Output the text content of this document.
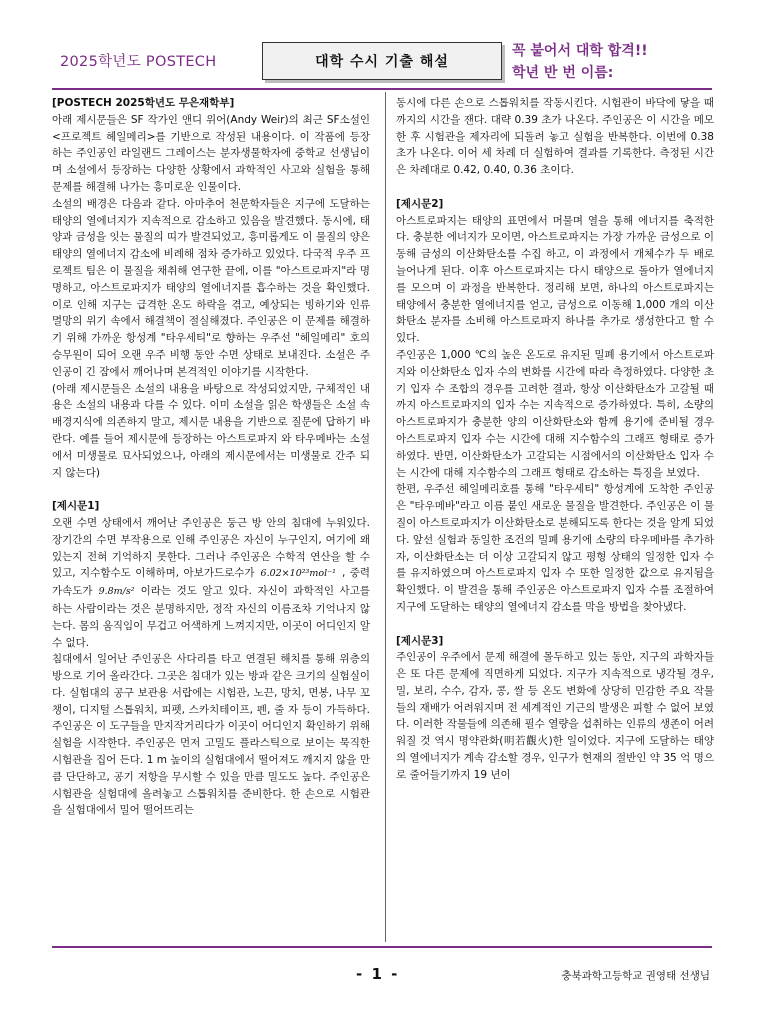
2025학년도 POSTECH	대학 수시 기출 해설
꼭 붙어서 대학 합격!!
학년 반 번 이름:

[POSTECH 2025학년도 무은재학부]

아래 제시문들은 SF 작가인 앤디 위어(Andy Weir)의 최근 SF소설인 <프로젝트 헤일메리>를 기반으로 작성된 내용이다. 이 작품에 등장하는 주인공인 라일랜드 그레이스는 분자생물학자에 중학교 선생님이며 소설에서 등장하는 다양한 상황에서 과학적인 사고와 실험을 통해 문제를 해결해 나가는 흥미로운 인물이다.

소설의 배경은 다음과 같다. 아마추어 천문학자들은 지구에 도달하는 태양의 열에너지가 지속적으로 감소하고 있음을 발견했다. 동시에, 태양과 금성을 잇는 물질의 띠가 발견되었고, 흥미롭게도 이 물질의 양은 태양의 열에너지 감소에 비례해 점차 증가하고 있었다. 다국적 우주 프로젝트 팀은 이 물질을 채취해 연구한 끝에, 이를 "아스트로파지"라 명명하고, 아스트로파지가 태양의 열에너지를 흡수하는 것을 확인했다. 이로 인해 지구는 급격한 온도 하락을 겪고, 예상되는 빙하기와 인류 멸망의 위기 속에서 해결책이 절실해졌다. 주인공은 이 문제를 해결하기 위해 가까운 항성계 "타우세티"로 향하는 우주선 "헤일메리" 호의 승무원이 되어 오랜 우주 비행 동안 수면 상태로 보내진다. 소설은 주인공이 긴 잠에서 깨어나며 본격적인 이야기를 시작한다.

(아래 제시문들은 소설의 내용을 바탕으로 작성되었지만, 구체적인 내용은 소설의 내용과 다를 수 있다. 이미 소설을 읽은 학생들은 소설 속 배경지식에 의존하지 말고, 제시문 내용을 기반으로 질문에 답하기 바란다. 예를 들어 제시문에 등장하는 아스트로파지 와 타우메바는 소설에서 미생물로 묘사되었으나, 아래의 제시문에서는 미생물로 간주 되지 않는다)

[제시문1]

오랜 수면 상태에서 깨어난 주인공은 둥근 방 안의 침대에 누워있다. 장기간의 수면 부작용으로 인해 주인공은 자신이 누구인지, 여기에 왜 있는지 전혀 기억하지 못한다. 그러나 주인공은 수학적 연산을 할 수 있고, 지수함수도 이해하며, 아보가드로수가 6.02×10²³mol⁻¹ , 중력가속도가 9.8m/s² 이라는 것도 알고 있다. 자신이 과학적인 사고를 하는 사람이라는 것은 분명하지만, 정작 자신의 이름조차 기억나지 않는다. 몸의 움직임이 무겁고 어색하게 느껴지지만, 이곳이 어디인지 알 수 없다.

침대에서 일어난 주인공은 사다리를 타고 연결된 해치를 통해 위층의 방으로 기어 올라간다. 그곳은 침대가 있는 방과 같은 크기의 실험실이다. 실험대의 공구 보관용 서랍에는 시험관, 노끈, 망치, 면봉, 나무 꼬챙이, 디지털 스톱워치, 피펫, 스카치테이프, 펜, 줄 자 등이 가득하다. 주인공은 이 도구들을 만지작거리다가 이곳이 어디인지 확인하기 위해 실험을 시작한다. 주인공은 먼저 고밀도 플라스틱으로 보이는 묵직한 시험관을 집어 든다. 1 m 높이의 실험대에서 떨어져도 깨지지 않을 만큼 단단하고, 공기 저항을 무시할 수 있을 만큼 밀도도 높다. 주인공은 시험관을 실험대에 올려놓고 스톱워치를 준비한다. 한 손으로 시험관을 실험대에서 밀어 떨어뜨리는

동시에 다른 손으로 스톱워치를 작동시킨다. 시험관이 바닥에 닿을 때까지의 시간을 잰다. 대략 0.39 초가 나온다. 주인공은 이 시간을 메모한 후 시험관을 제자리에 되돌려 놓고 실험을 반복한다. 이번에 0.38 초가 나온다. 이어 세 차례 더 실험하여 결과를 기록한다. 측정된 시간은 차례대로 0.42, 0.40, 0.36 초이다.

[제시문2]

아스트로파지는 태양의 표면에서 머물며 열을 통해 에너지를 축적한다. 충분한 에너지가 모이면, 아스트로파지는 가장 가까운 금성으로 이동해 금성의 이산화탄소를 수집 하고, 이 과정에서 개체수가 두 배로 늘어나게 된다. 이후 아스트로파지는 다시 태양으로 돌아가 열에너지를 모으며 이 과정을 반복한다. 정리해 보면, 하나의 아스트로파지는 태양에서 충분한 열에너지를 얻고, 금성으로 이동해 1,000 개의 이산화탄소 분자를 소비해 아스트로파지 하나를 추가로 생성한다고 할 수 있다.

주인공은 1,000 ℃의 높은 온도로 유지된 밀폐 용기에서 아스트로파지와 이산화탄소 입자 수의 변화를 시간에 따라 측정하였다. 다양한 초기 입자 수 조합의 경우를 고려한 결과, 항상 이산화탄소가 고갈될 때까지 아스트로파지의 입자 수는 지속적으로 증가하였다. 특히, 소량의 아스트로파지가 충분한 양의 이산화탄소와 함께 용기에 준비될 경우 아스트로파지 입자 수는 시간에 대해 지수함수의 그래프 형태로 증가하였다. 반면, 이산화탄소가 고갈되는 시점에서의 이산화탄소 입자 수는 시간에 대해 지수함수의 그래프 형태로 감소하는 특징을 보였다.

한편, 우주선 헤일메리호를 통해 "타우세티" 항성계에 도착한 주인공은 "타우메바"라고 이름 붙인 새로운 물질을 발견한다. 주인공은 이 물질이 아스트로파지가 이산화탄소로 분해되도록 한다는 것을 알게 되었다. 앞선 실험과 동일한 조건의 밀폐 용기에 소량의 타우메바를 추가하자, 이산화탄소는 더 이상 고갈되지 않고 평형 상태의 일정한 입자 수를 유지하였으며 아스트로파지 입자 수 또한 일정한 값으로 유지됨을 확인했다. 이 발견을 통해 주인공은 아스트로파지 입자 수를 조절하여 지구에 도달하는 태양의 열에너지 감소를 막을 방법을 찾아냈다.

[제시문3]

주인공이 우주에서 문제 해결에 몰두하고 있는 동안, 지구의 과학자들은 또 다른 문제에 직면하게 되었다. 지구가 지속적으로 냉각될 경우, 밀, 보리, 수수, 감자, 콩, 쌀 등 온도 변화에 상당히 민감한 주요 작물들의 재배가 어려워지며 전 세계적인 기근의 발생은 피할 수 없어 보였다. 이러한 작물들에 의존해 필수 열량을 섭취하는 인류의 생존이 어려워질 것 역시 명약관화(明若觀火)한 일이었다. 지구에 도달하는 태양의 열에너지가 계속 감소할 경우, 인구가 현재의 절반인 약 35 억 명으로 줄어들기까지 19 년이

- 1 -	충북과학고등학교 권영태 선생님
